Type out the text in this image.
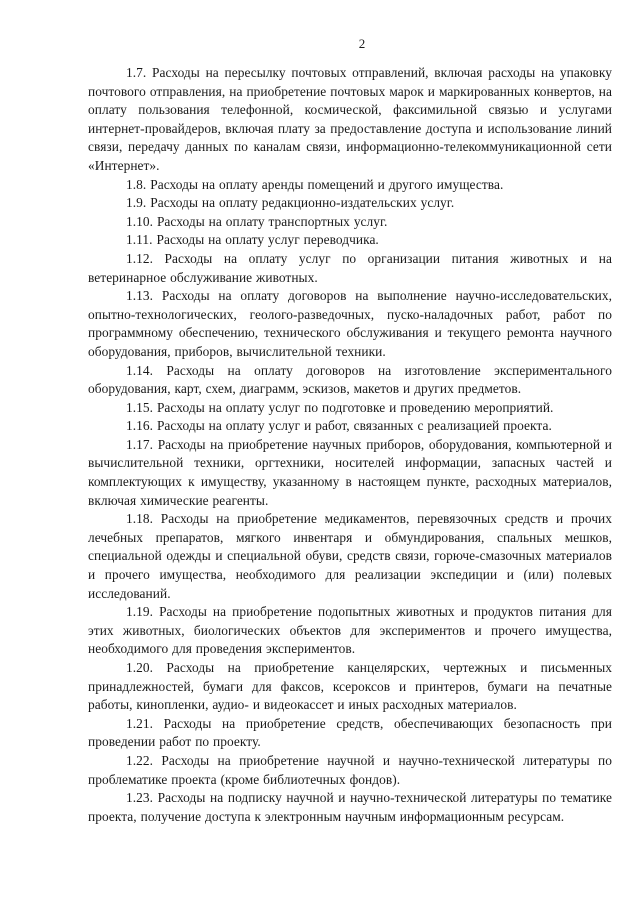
2

1.7. Расходы на пересылку почтовых отправлений, включая расходы на упаковку почтового отправления, на приобретение почтовых марок и маркированных конвертов, на оплату пользования телефонной, космической, факсимильной связью и услугами интернет-провайдеров, включая плату за предоставление доступа и использование линий связи, передачу данных по каналам связи, информационно-телекоммуникационной сети «Интернет».

1.8. Расходы на оплату аренды помещений и другого имущества.

1.9. Расходы на оплату редакционно-издательских услуг.

1.10. Расходы на оплату транспортных услуг.

1.11. Расходы на оплату услуг переводчика.

1.12. Расходы на оплату услуг по организации питания животных и на ветеринарное обслуживание животных.

1.13. Расходы на оплату договоров на выполнение научно-исследовательских, опытно-технологических, геолого-разведочных, пуско-наладочных работ, работ по программному обеспечению, технического обслуживания и текущего ремонта научного оборудования, приборов, вычислительной техники.

1.14. Расходы на оплату договоров на изготовление экспериментального оборудования, карт, схем, диаграмм, эскизов, макетов и других предметов.

1.15. Расходы на оплату услуг по подготовке и проведению мероприятий.

1.16. Расходы на оплату услуг и работ, связанных с реализацией проекта.

1.17. Расходы на приобретение научных приборов, оборудования, компьютерной и вычислительной техники, оргтехники, носителей информации, запасных частей и комплектующих к имуществу, указанному в настоящем пункте, расходных материалов, включая химические реагенты.

1.18. Расходы на приобретение медикаментов, перевязочных средств и прочих лечебных препаратов, мягкого инвентаря и обмундирования, спальных мешков, специальной одежды и специальной обуви, средств связи, горюче-смазочных материалов и прочего имущества, необходимого для реализации экспедиции и (или) полевых исследований.

1.19. Расходы на приобретение подопытных животных и продуктов питания для этих животных, биологических объектов для экспериментов и прочего имущества, необходимого для проведения экспериментов.

1.20. Расходы на приобретение канцелярских, чертежных и письменных принадлежностей, бумаги для факсов, ксероксов и принтеров, бумаги на печатные работы, кинопленки, аудио- и видеокассет и иных расходных материалов.

1.21. Расходы на приобретение средств, обеспечивающих безопасность при проведении работ по проекту.

1.22. Расходы на приобретение научной и научно-технической литературы по проблематике проекта (кроме библиотечных фондов).

1.23. Расходы на подписку научной и научно-технической литературы по тематике проекта, получение доступа к электронным научным информационным ресурсам.
